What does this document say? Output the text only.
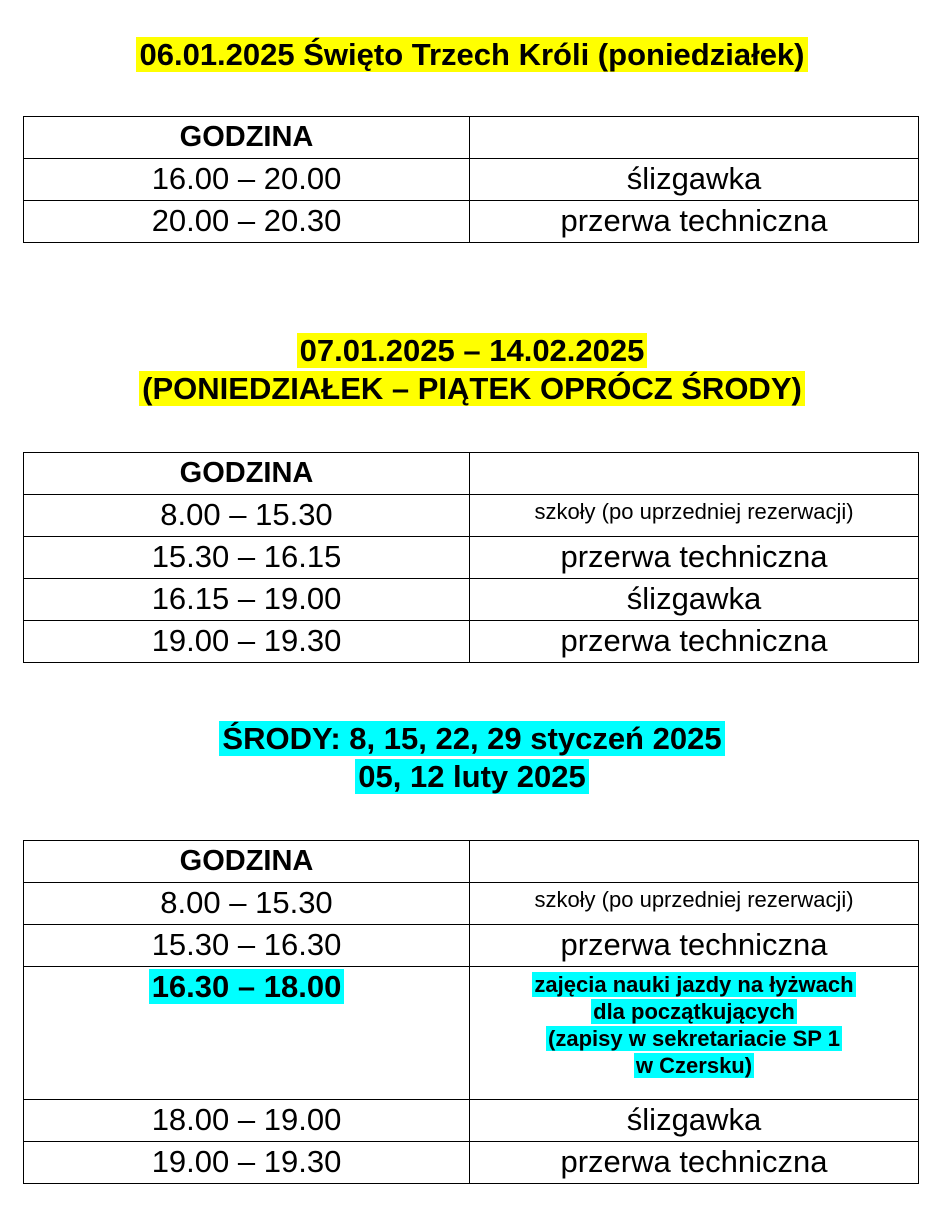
06.01.2025 Święto Trzech Króli (poniedziałek)
GODZINA	
16.00 – 20.00	ślizgawka
20.00 – 20.30	przerwa techniczna
07.01.2025 – 14.02.2025
(PONIEDZIAŁEK – PIĄTEK OPRÓCZ ŚRODY)
GODZINA	
8.00 – 15.30	szkoły (po uprzedniej rezerwacji)
15.30 – 16.15	przerwa techniczna
16.15 – 19.00	ślizgawka
19.00 – 19.30	przerwa techniczna
ŚRODY: 8, 15, 22, 29 styczeń 2025
05, 12 luty 2025
GODZINA	
8.00 – 15.30	szkoły (po uprzedniej rezerwacji)
15.30 – 16.30	przerwa techniczna
16.30 – 18.00	zajęcia nauki jazdy na łyżwach
dla początkujących
(zapisy w sekretariacie SP 1
w Czersku)
18.00 – 19.00	ślizgawka
19.00 – 19.30	przerwa techniczna
